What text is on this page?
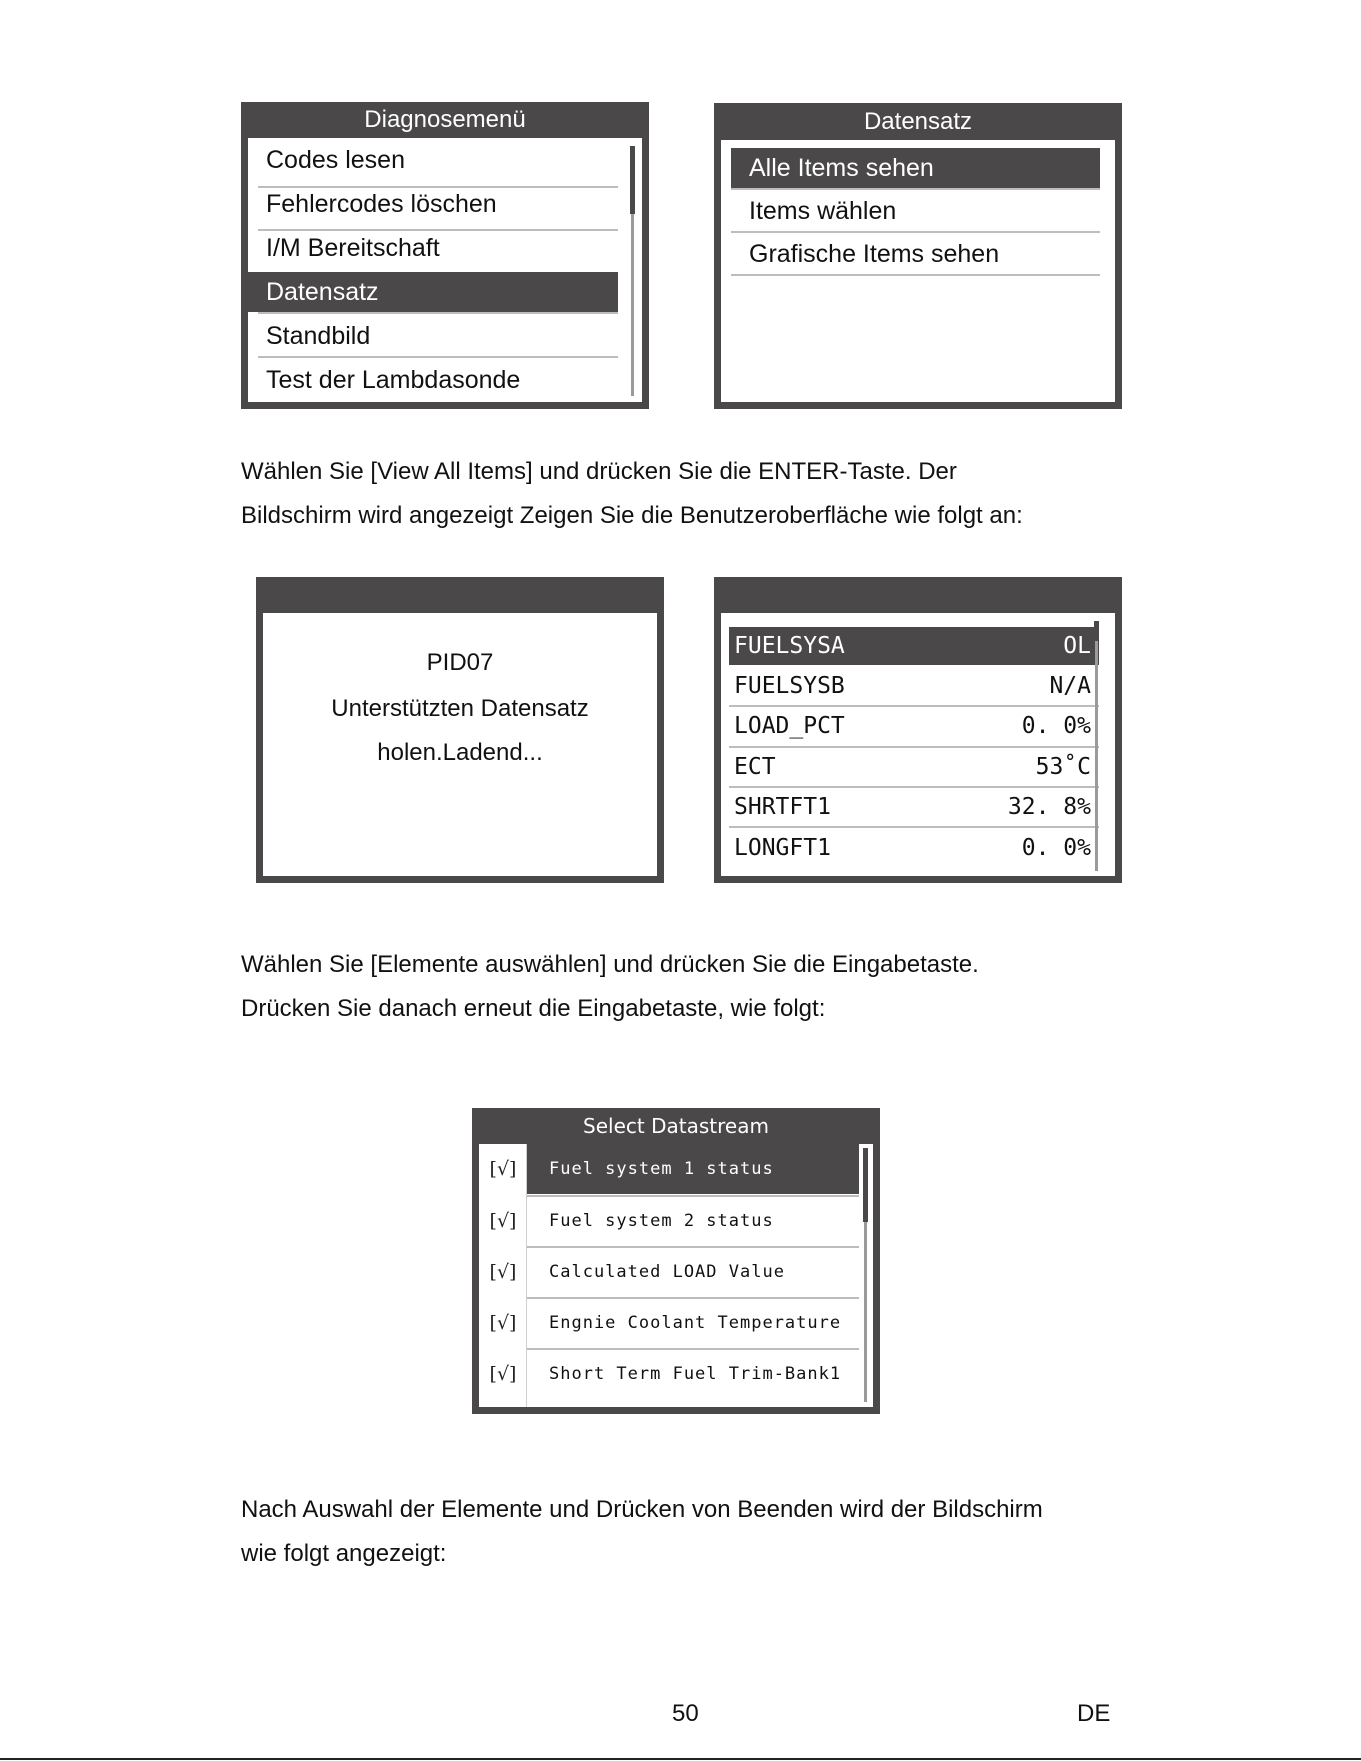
Diagnosemenü
Codes lesen
Fehlercodes löschen
I/M Bereitschaft
Datensatz
Standbild
Test der Lambdasonde
Datensatz
Alle Items sehen
Items wählen
Grafische Items sehen
Wählen Sie [View All Items] und drücken Sie die ENTER-Taste. Der
Bildschirm wird angezeigt Zeigen Sie die Benutzeroberfläche wie folgt an:
PID07
Unterstützten Datensatz
holen.Ladend...
FUELSYSA	OL
FUELSYSB	N/A
LOAD_PCT	0. 0%
ECT	53˚C
SHRTFT1	32. 8%
LONGFT1	0. 0%
Wählen Sie [Elemente auswählen] und drücken Sie die Eingabetaste.
Drücken Sie danach erneut die Eingabetaste, wie folgt:
Select Datastream
[√]	Fuel system 1 status
[√]	Fuel system 2 status
[√]	Calculated LOAD Value
[√]	Engnie Coolant Temperature
[√]	Short Term Fuel Trim-Bank1
Nach Auswahl der Elemente und Drücken von Beenden wird der Bildschirm
wie folgt angezeigt:
50	DE
